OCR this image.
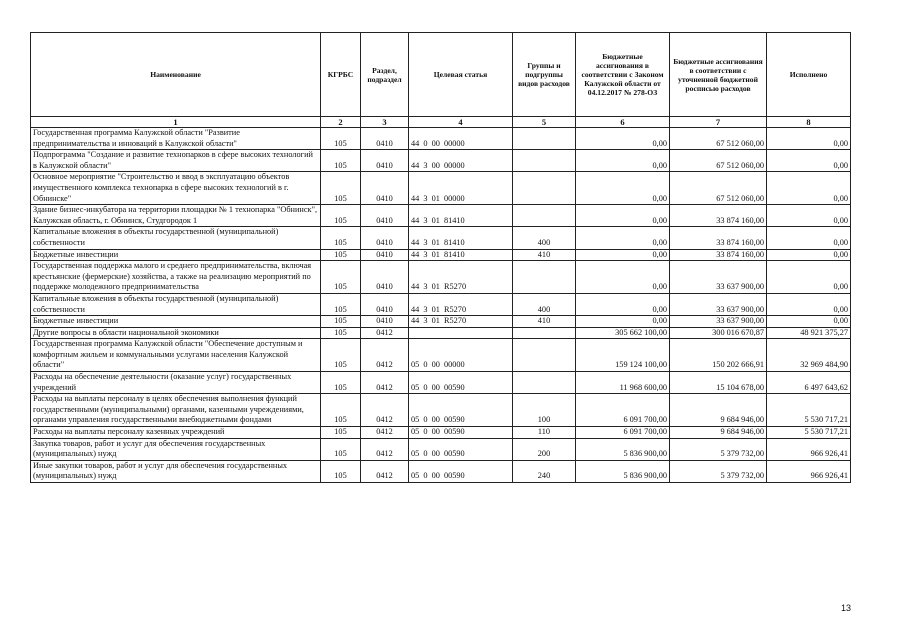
Наименование	КГРБС	Раздел, подраздел	Целевая статья	Группы и подгруппы видов расходов	Бюджетные ассигнования в соответствии с Законом Калужской области от 04.12.2017 № 278-ОЗ	Бюджетные ассигнования в соответствии с уточненной бюджетной росписью расходов	Исполнено
1	2	3	4	5	6	7	8
Государственная программа Калужской области "Развитие предпринимательства и инноваций в Калужской области"	105	0410	44 0 00 00000		0,00	67 512 060,00	0,00
Подпрограмма "Создание и развитие технопарков в сфере высоких технологий в Калужской области"	105	0410	44 3 00 00000		0,00	67 512 060,00	0,00
Основное мероприятие "Строительство и ввод в эксплуатацию объектов имущественного комплекса технопарка в сфере высоких технологий в г. Обнинске"	105	0410	44 3 01 00000		0,00	67 512 060,00	0,00
Здание бизнес-инкубатора на территории площадки № 1 технопарка "Обнинск", Калужская область, г. Обнинск, Студгородок 1	105	0410	44 3 01 81410		0,00	33 874 160,00	0,00
Капитальные вложения в объекты государственной (муниципальной) собственности	105	0410	44 3 01 81410	400	0,00	33 874 160,00	0,00
Бюджетные инвестиции	105	0410	44 3 01 81410	410	0,00	33 874 160,00	0,00
Государственная поддержка малого и среднего предпринимательства, включая крестьянские (фермерские) хозяйства, а также на реализацию мероприятий по поддержке молодежного предпринимательства	105	0410	44 3 01 R5270		0,00	33 637 900,00	0,00
Капитальные вложения в объекты государственной (муниципальной) собственности	105	0410	44 3 01 R5270	400	0,00	33 637 900,00	0,00
Бюджетные инвестиции	105	0410	44 3 01 R5270	410	0,00	33 637 900,00	0,00
Другие вопросы в области национальной экономики	105	0412			305 662 100,00	300 016 670,87	48 921 375,27
Государственная программа Калужской области "Обеспечение доступным и комфортным жильем и коммунальными услугами населения Калужской области"	105	0412	05 0 00 00000		159 124 100,00	150 202 666,91	32 969 484,90
Расходы на обеспечение деятельности (оказание услуг) государственных учреждений	105	0412	05 0 00 00590		11 968 600,00	15 104 678,00	6 497 643,62
Расходы на выплаты персоналу в целях обеспечения выполнения функций государственными (муниципальными) органами, казенными учреждениями, органами управления государственными внебюджетными фондами	105	0412	05 0 00 00590	100	6 091 700,00	9 684 946,00	5 530 717,21
Расходы на выплаты персоналу казенных учреждений	105	0412	05 0 00 00590	110	6 091 700,00	9 684 946,00	5 530 717,21
Закупка товаров, работ и услуг для обеспечения государственных (муниципальных) нужд	105	0412	05 0 00 00590	200	5 836 900,00	5 379 732,00	966 926,41
Иные закупки товаров, работ и услуг для обеспечения государственных (муниципальных) нужд	105	0412	05 0 00 00590	240	5 836 900,00	5 379 732,00	966 926,41
13
